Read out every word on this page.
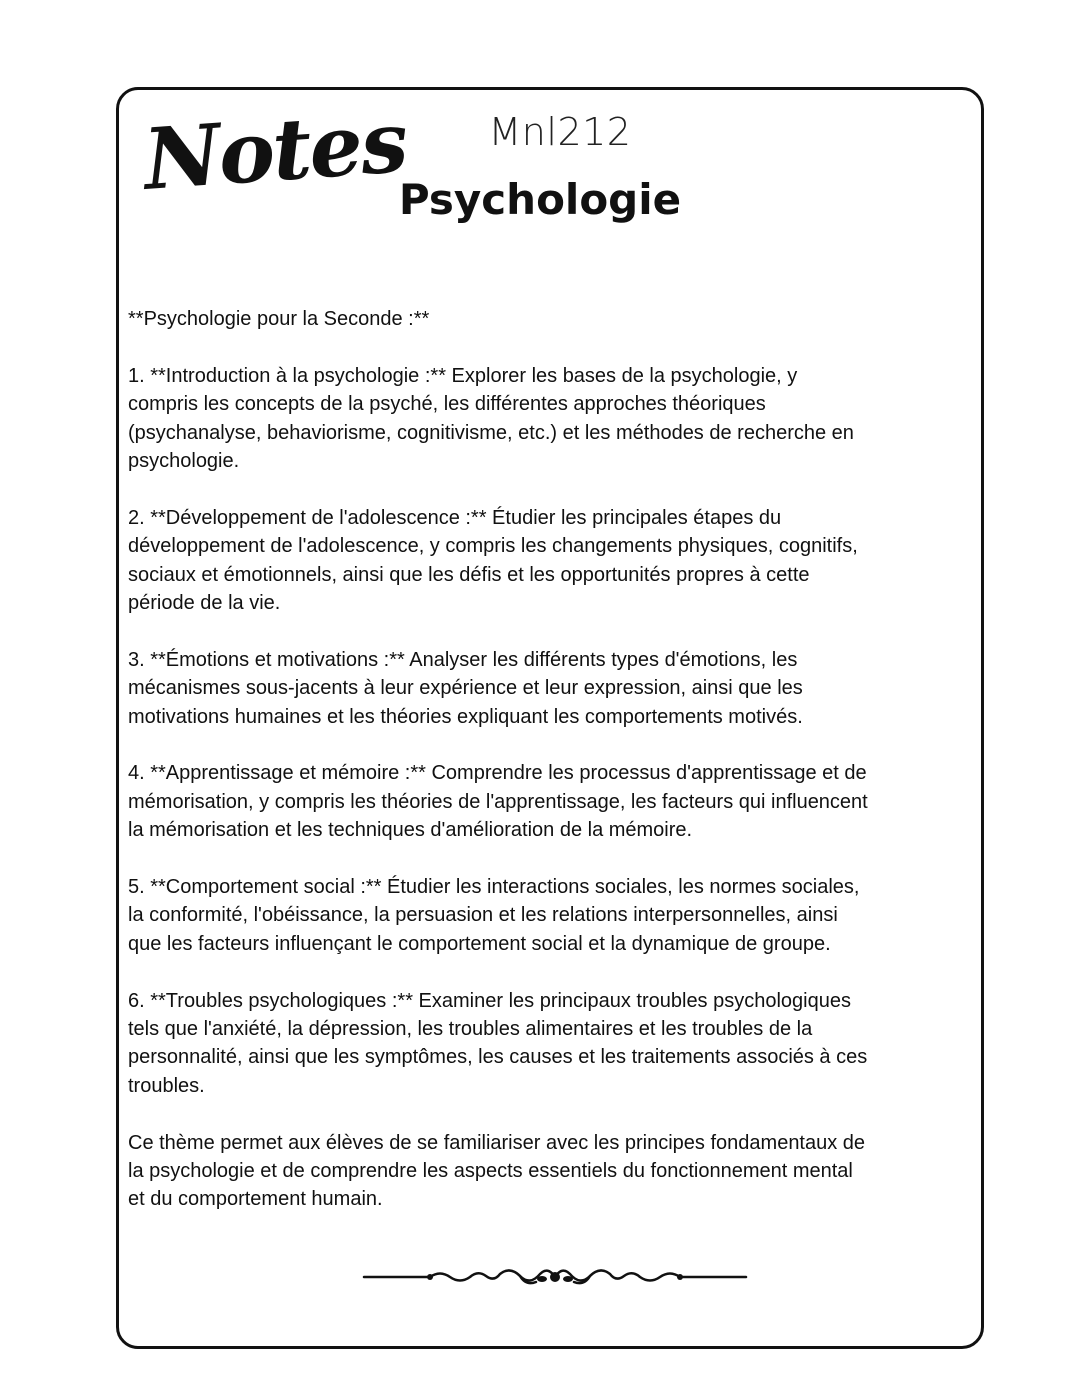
Notes	Mnl212
Psychologie

**Psychologie pour la Seconde :**

1. **Introduction à la psychologie :** Explorer les bases de la psychologie, y compris les concepts de la psyché, les différentes approches théoriques (psychanalyse, behaviorisme, cognitivisme, etc.) et les méthodes de recherche en psychologie.

2. **Développement de l'adolescence :** Étudier les principales étapes du développement de l'adolescence, y compris les changements physiques, cognitifs, sociaux et émotionnels, ainsi que les défis et les opportunités propres à cette période de la vie.

3. **Émotions et motivations :** Analyser les différents types d'émotions, les mécanismes sous-jacents à leur expérience et leur expression, ainsi que les motivations humaines et les théories expliquant les comportements motivés.

4. **Apprentissage et mémoire :** Comprendre les processus d'apprentissage et de mémorisation, y compris les théories de l'apprentissage, les facteurs qui influencent la mémorisation et les techniques d'amélioration de la mémoire.

5. **Comportement social :** Étudier les interactions sociales, les normes sociales, la conformité, l'obéissance, la persuasion et les relations interpersonnelles, ainsi que les facteurs influençant le comportement social et la dynamique de groupe.

6. **Troubles psychologiques :** Examiner les principaux troubles psychologiques tels que l'anxiété, la dépression, les troubles alimentaires et les troubles de la personnalité, ainsi que les symptômes, les causes et les traitements associés à ces troubles.

Ce thème permet aux élèves de se familiariser avec les principes fondamentaux de la psychologie et de comprendre les aspects essentiels du fonctionnement mental et du comportement humain.
